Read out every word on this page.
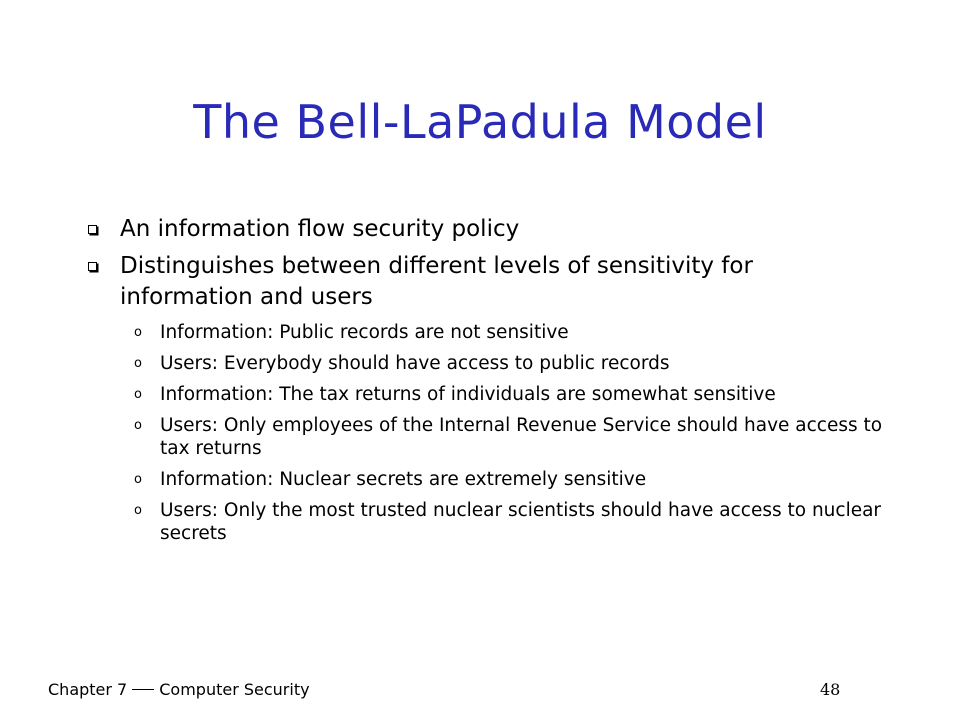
The Bell-LaPadula Model
An information flow security policy
Distinguishes between different levels of sensitivity for information and users
o Information: Public records are not sensitive
o Users: Everybody should have access to public records
o Information: The tax returns of individuals are somewhat sensitive
o Users: Only employees of the Internal Revenue Service should have access to tax returns
o Information: Nuclear secrets are extremely sensitive
o Users: Only the most trusted nuclear scientists should have access to nuclear secrets
Chapter 7 Computer Security	48
